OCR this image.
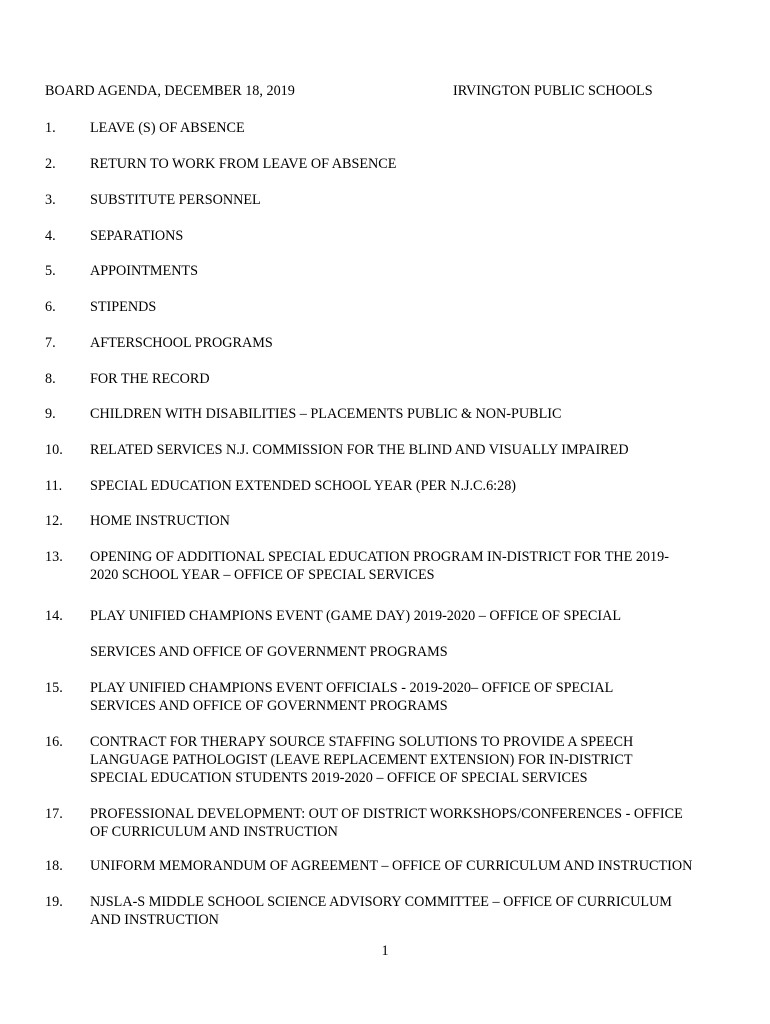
BOARD AGENDA, DECEMBER 18, 2019	IRVINGTON PUBLIC SCHOOLS
1. LEAVE (S) OF ABSENCE
2. RETURN TO WORK FROM LEAVE OF ABSENCE
3. SUBSTITUTE PERSONNEL
4. SEPARATIONS
5. APPOINTMENTS
6. STIPENDS
7. AFTERSCHOOL PROGRAMS
8. FOR THE RECORD
9. CHILDREN WITH DISABILITIES – PLACEMENTS PUBLIC & NON-PUBLIC
10. RELATED SERVICES N.J. COMMISSION FOR THE BLIND AND VISUALLY IMPAIRED
11. SPECIAL EDUCATION EXTENDED SCHOOL YEAR (PER N.J.C.6:28)
12. HOME INSTRUCTION
13. OPENING OF ADDITIONAL SPECIAL EDUCATION PROGRAM IN-DISTRICT FOR THE 2019-
2020 SCHOOL YEAR – OFFICE OF SPECIAL SERVICES
14. PLAY UNIFIED CHAMPIONS EVENT (GAME DAY) 2019-2020 – OFFICE OF SPECIAL

SERVICES AND OFFICE OF GOVERNMENT PROGRAMS
15. PLAY UNIFIED CHAMPIONS EVENT OFFICIALS - 2019-2020– OFFICE OF SPECIAL
SERVICES AND OFFICE OF GOVERNMENT PROGRAMS
16. CONTRACT FOR THERAPY SOURCE STAFFING SOLUTIONS TO PROVIDE A SPEECH
LANGUAGE PATHOLOGIST (LEAVE REPLACEMENT EXTENSION) FOR IN-DISTRICT
SPECIAL EDUCATION STUDENTS 2019-2020 – OFFICE OF SPECIAL SERVICES
17. PROFESSIONAL DEVELOPMENT: OUT OF DISTRICT WORKSHOPS/CONFERENCES - OFFICE
OF CURRICULUM AND INSTRUCTION
18. UNIFORM MEMORANDUM OF AGREEMENT – OFFICE OF CURRICULUM AND INSTRUCTION
19. NJSLA-S MIDDLE SCHOOL SCIENCE ADVISORY COMMITTEE – OFFICE OF CURRICULUM
AND INSTRUCTION
1
